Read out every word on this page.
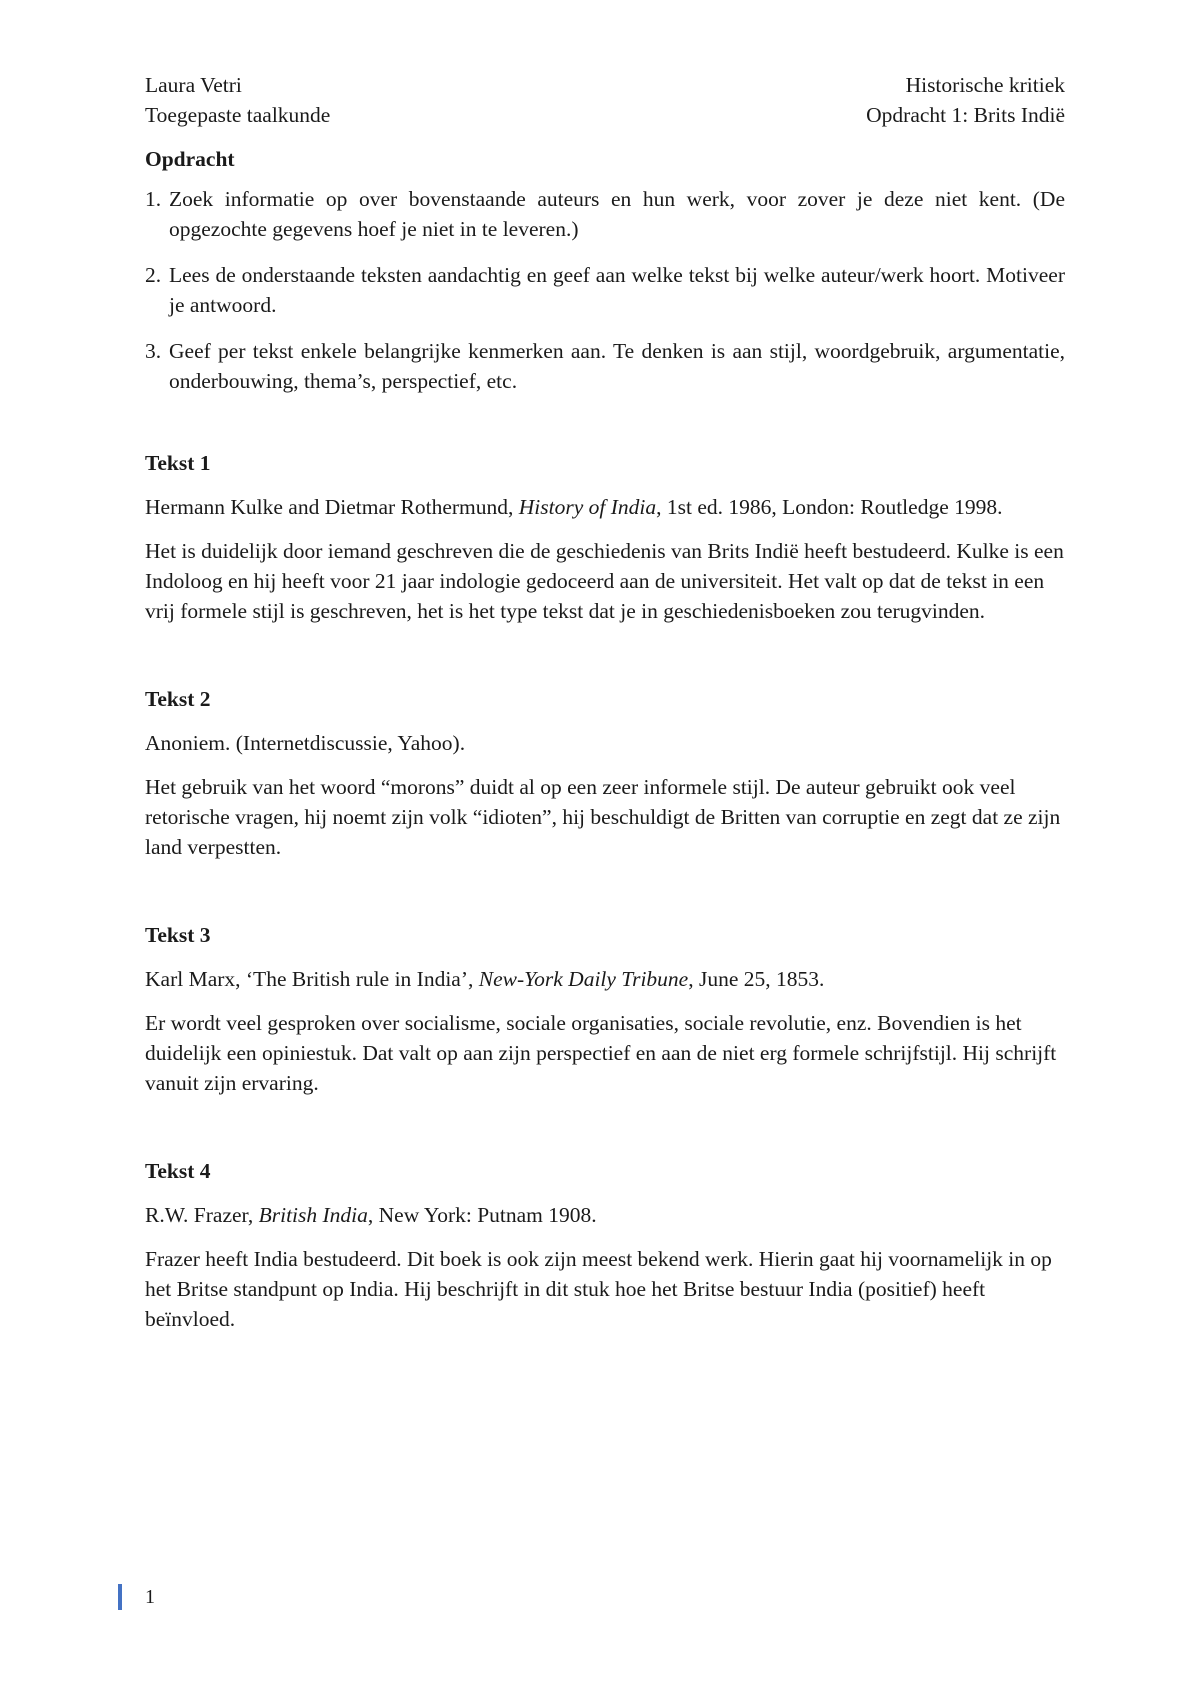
Laura Vetri
Toegepaste taalkunde
Historische kritiek
Opdracht 1: Brits Indië
Opdracht
1. Zoek informatie op over bovenstaande auteurs en hun werk, voor zover je deze niet kent. (De opgezochte gegevens hoef je niet in te leveren.)
2. Lees de onderstaande teksten aandachtig en geef aan welke tekst bij welke auteur/werk hoort. Motiveer je antwoord.
3. Geef per tekst enkele belangrijke kenmerken aan. Te denken is aan stijl, woordgebruik, argumentatie, onderbouwing, thema’s, perspectief, etc.
Tekst 1

Hermann Kulke and Dietmar Rothermund, History of India, 1st ed. 1986, London: Routledge 1998.

Het is duidelijk door iemand geschreven die de geschiedenis van Brits Indië heeft bestudeerd. Kulke is een Indoloog en hij heeft voor 21 jaar indologie gedoceerd aan de universiteit. Het valt op dat de tekst in een vrij formele stijl is geschreven, het is het type tekst dat je in geschiedenisboeken zou terugvinden.

Tekst 2

Anoniem. (Internetdiscussie, Yahoo).

Het gebruik van het woord “morons” duidt al op een zeer informele stijl. De auteur gebruikt ook veel retorische vragen, hij noemt zijn volk “idioten”, hij beschuldigt de Britten van corruptie en zegt dat ze zijn land verpestten.

Tekst 3

Karl Marx, ‘The British rule in India’, New-York Daily Tribune, June 25, 1853.

Er wordt veel gesproken over socialisme, sociale organisaties, sociale revolutie, enz. Bovendien is het duidelijk een opiniestuk. Dat valt op aan zijn perspectief en aan de niet erg formele schrijfstijl. Hij schrijft vanuit zijn ervaring.

Tekst 4

R.W. Frazer, British India, New York: Putnam 1908.

Frazer heeft India bestudeerd. Dit boek is ook zijn meest bekend werk. Hierin gaat hij voornamelijk in op het Britse standpunt op India. Hij beschrijft in dit stuk hoe het Britse bestuur India (positief) heeft beïnvloed.

1
